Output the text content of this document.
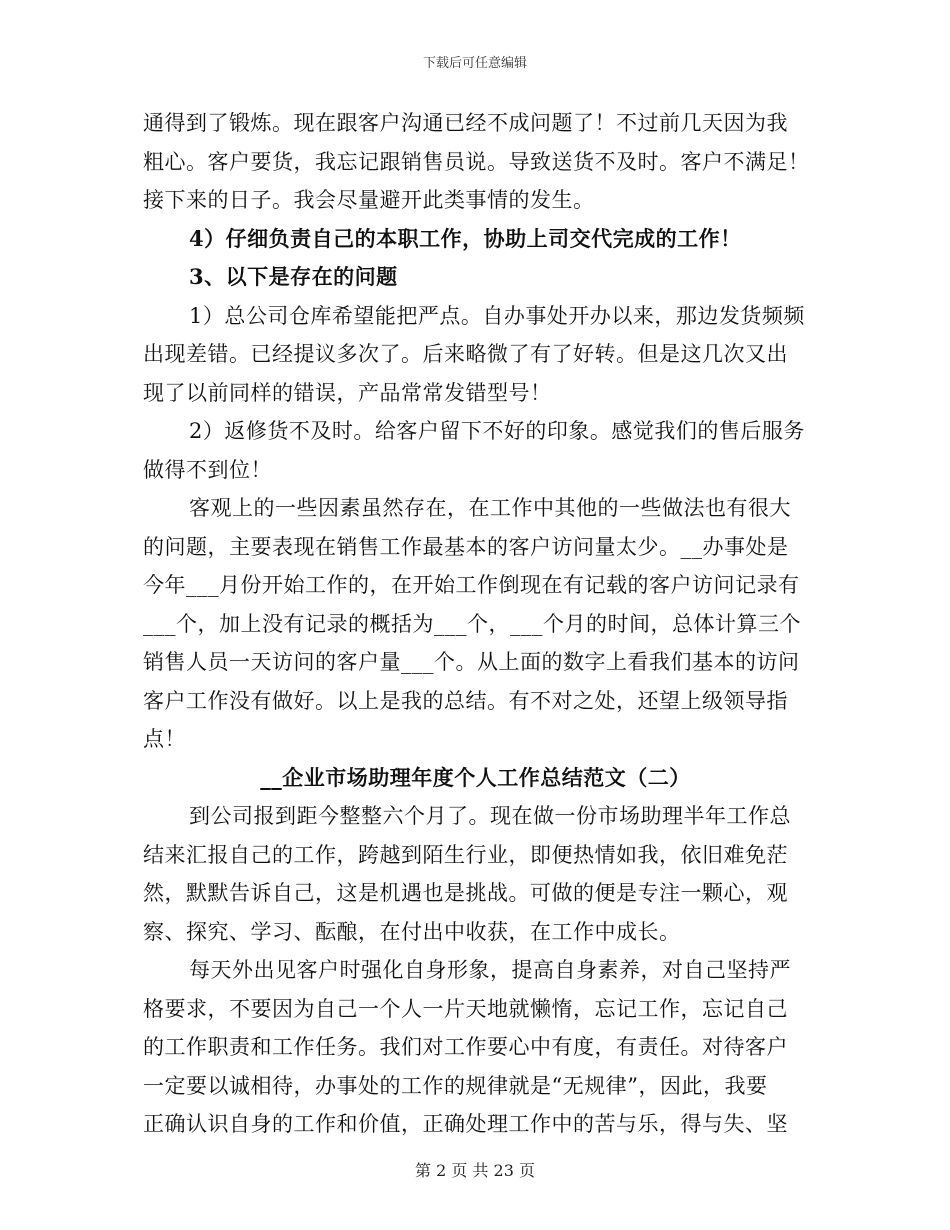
下载后可任意编辑
通得到了锻炼。现在跟客户沟通已经不成问题了！不过前几天因为我
粗心。客户要货，我忘记跟销售员说。导致送货不及时。客户不满足！
接下来的日子。我会尽量避开此类事情的发生。
4）仔细负责自己的本职工作，协助上司交代完成的工作！
3、以下是存在的问题
1）总公司仓库希望能把严点。自办事处开办以来，那边发货频频
出现差错。已经提议多次了。后来略微了有了好转。但是这几次又出
现了以前同样的错误，产品常常发错型号！
2）返修货不及时。给客户留下不好的印象。感觉我们的售后服务
做得不到位！
客观上的一些因素虽然存在，在工作中其他的一些做法也有很大
的问题，主要表现在销售工作最基本的客户访问量太少。__办事处是
今年___月份开始工作的，在开始工作倒现在有记载的客户访问记录有
___个，加上没有记录的概括为___个，___个月的时间，总体计算三个
销售人员一天访问的客户量___个。从上面的数字上看我们基本的访问
客户工作没有做好。以上是我的总结。有不对之处，还望上级领导指
点！
__企业市场助理年度个人工作总结范文（二）
到公司报到距今整整六个月了。现在做一份市场助理半年工作总
结来汇报自己的工作，跨越到陌生行业，即便热情如我，依旧难免茫
然，默默告诉自己，这是机遇也是挑战。可做的便是专注一颗心，观
察、探究、学习、酝酿，在付出中收获，在工作中成长。
每天外出见客户时强化自身形象，提高自身素养，对自己坚持严
格要求，不要因为自己一个人一片天地就懒惰，忘记工作，忘记自己
的工作职责和工作任务。我们对工作要心中有度，有责任。对待客户
一定要以诚相待，办事处的工作的规律就是“无规律”，因此，我要
正确认识自身的工作和价值，正确处理工作中的苦与乐，得与失、坚
第 2 页 共 23 页
